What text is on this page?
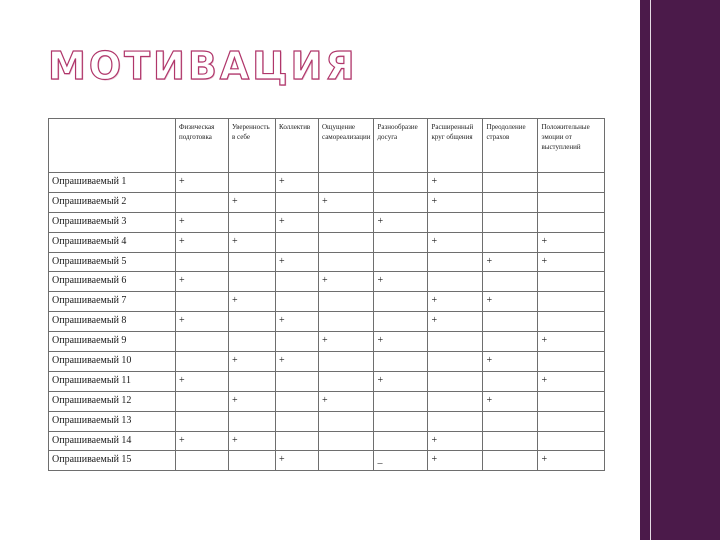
МОТИВАЦИЯ
	Физическая подготовка	Уверенность в себе	Коллектив	Ощущение самореализации	Разнообразие досуга	Расширенный круг общения	Преодоление страхов	Положительные эмоции от выступлений
Опрашиваемый 1	+		+			+		
Опрашиваемый 2		+		+		+		
Опрашиваемый 3	+		+		+			
Опрашиваемый 4	+	+				+		+
Опрашиваемый 5			+				+	+
Опрашиваемый 6	+			+	+			
Опрашиваемый 7		+				+	+	
Опрашиваемый 8	+		+			+		
Опрашиваемый 9				+	+			+
Опрашиваемый 10		+	+				+	
Опрашиваемый 11	+				+			+
Опрашиваемый 12		+		+			+	
Опрашиваемый 13								
Опрашиваемый 14	+	+				+		
Опрашиваемый 15			+		_	+		+
